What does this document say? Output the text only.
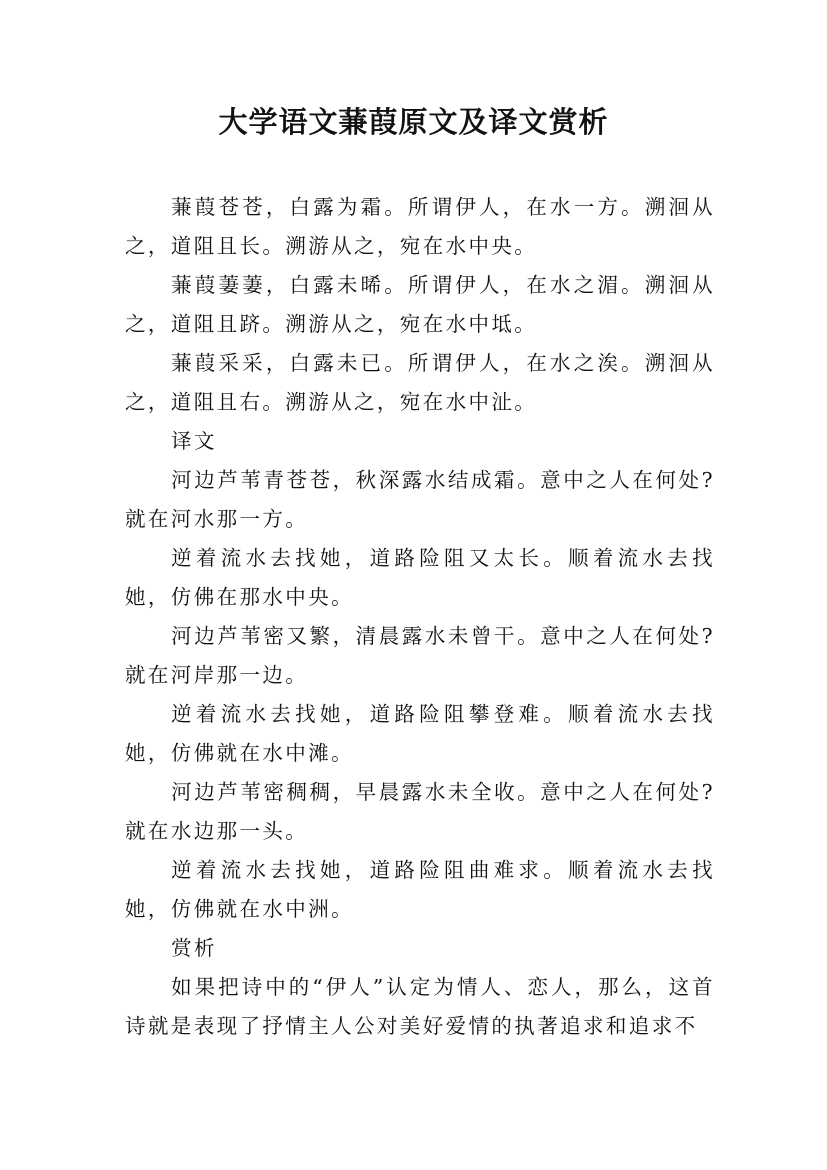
大学语文蒹葭原文及译文赏析

蒹葭苍苍，白露为霜。所谓伊人，在水一方。溯洄从之，道阻且长。溯游从之，宛在水中央。

蒹葭萋萋，白露未晞。所谓伊人，在水之湄。溯洄从之，道阻且跻。溯游从之，宛在水中坻。

蒹葭采采，白露未已。所谓伊人，在水之涘。溯洄从之，道阻且右。溯游从之，宛在水中沚。

译文

河边芦苇青苍苍，秋深露水结成霜。意中之人在何处?就在河水那一方。

逆着流水去找她，道路险阻又太长。顺着流水去找她，仿佛在那水中央。

河边芦苇密又繁，清晨露水未曾干。意中之人在何处?就在河岸那一边。

逆着流水去找她，道路险阻攀登难。顺着流水去找她，仿佛就在水中滩。

河边芦苇密稠稠，早晨露水未全收。意中之人在何处?就在水边那一头。

逆着流水去找她，道路险阻曲难求。顺着流水去找她，仿佛就在水中洲。

赏析

如果把诗中的“伊人”认定为情人、恋人，那么，这首诗就是表现了抒情主人公对美好爱情的执著追求和追求不
